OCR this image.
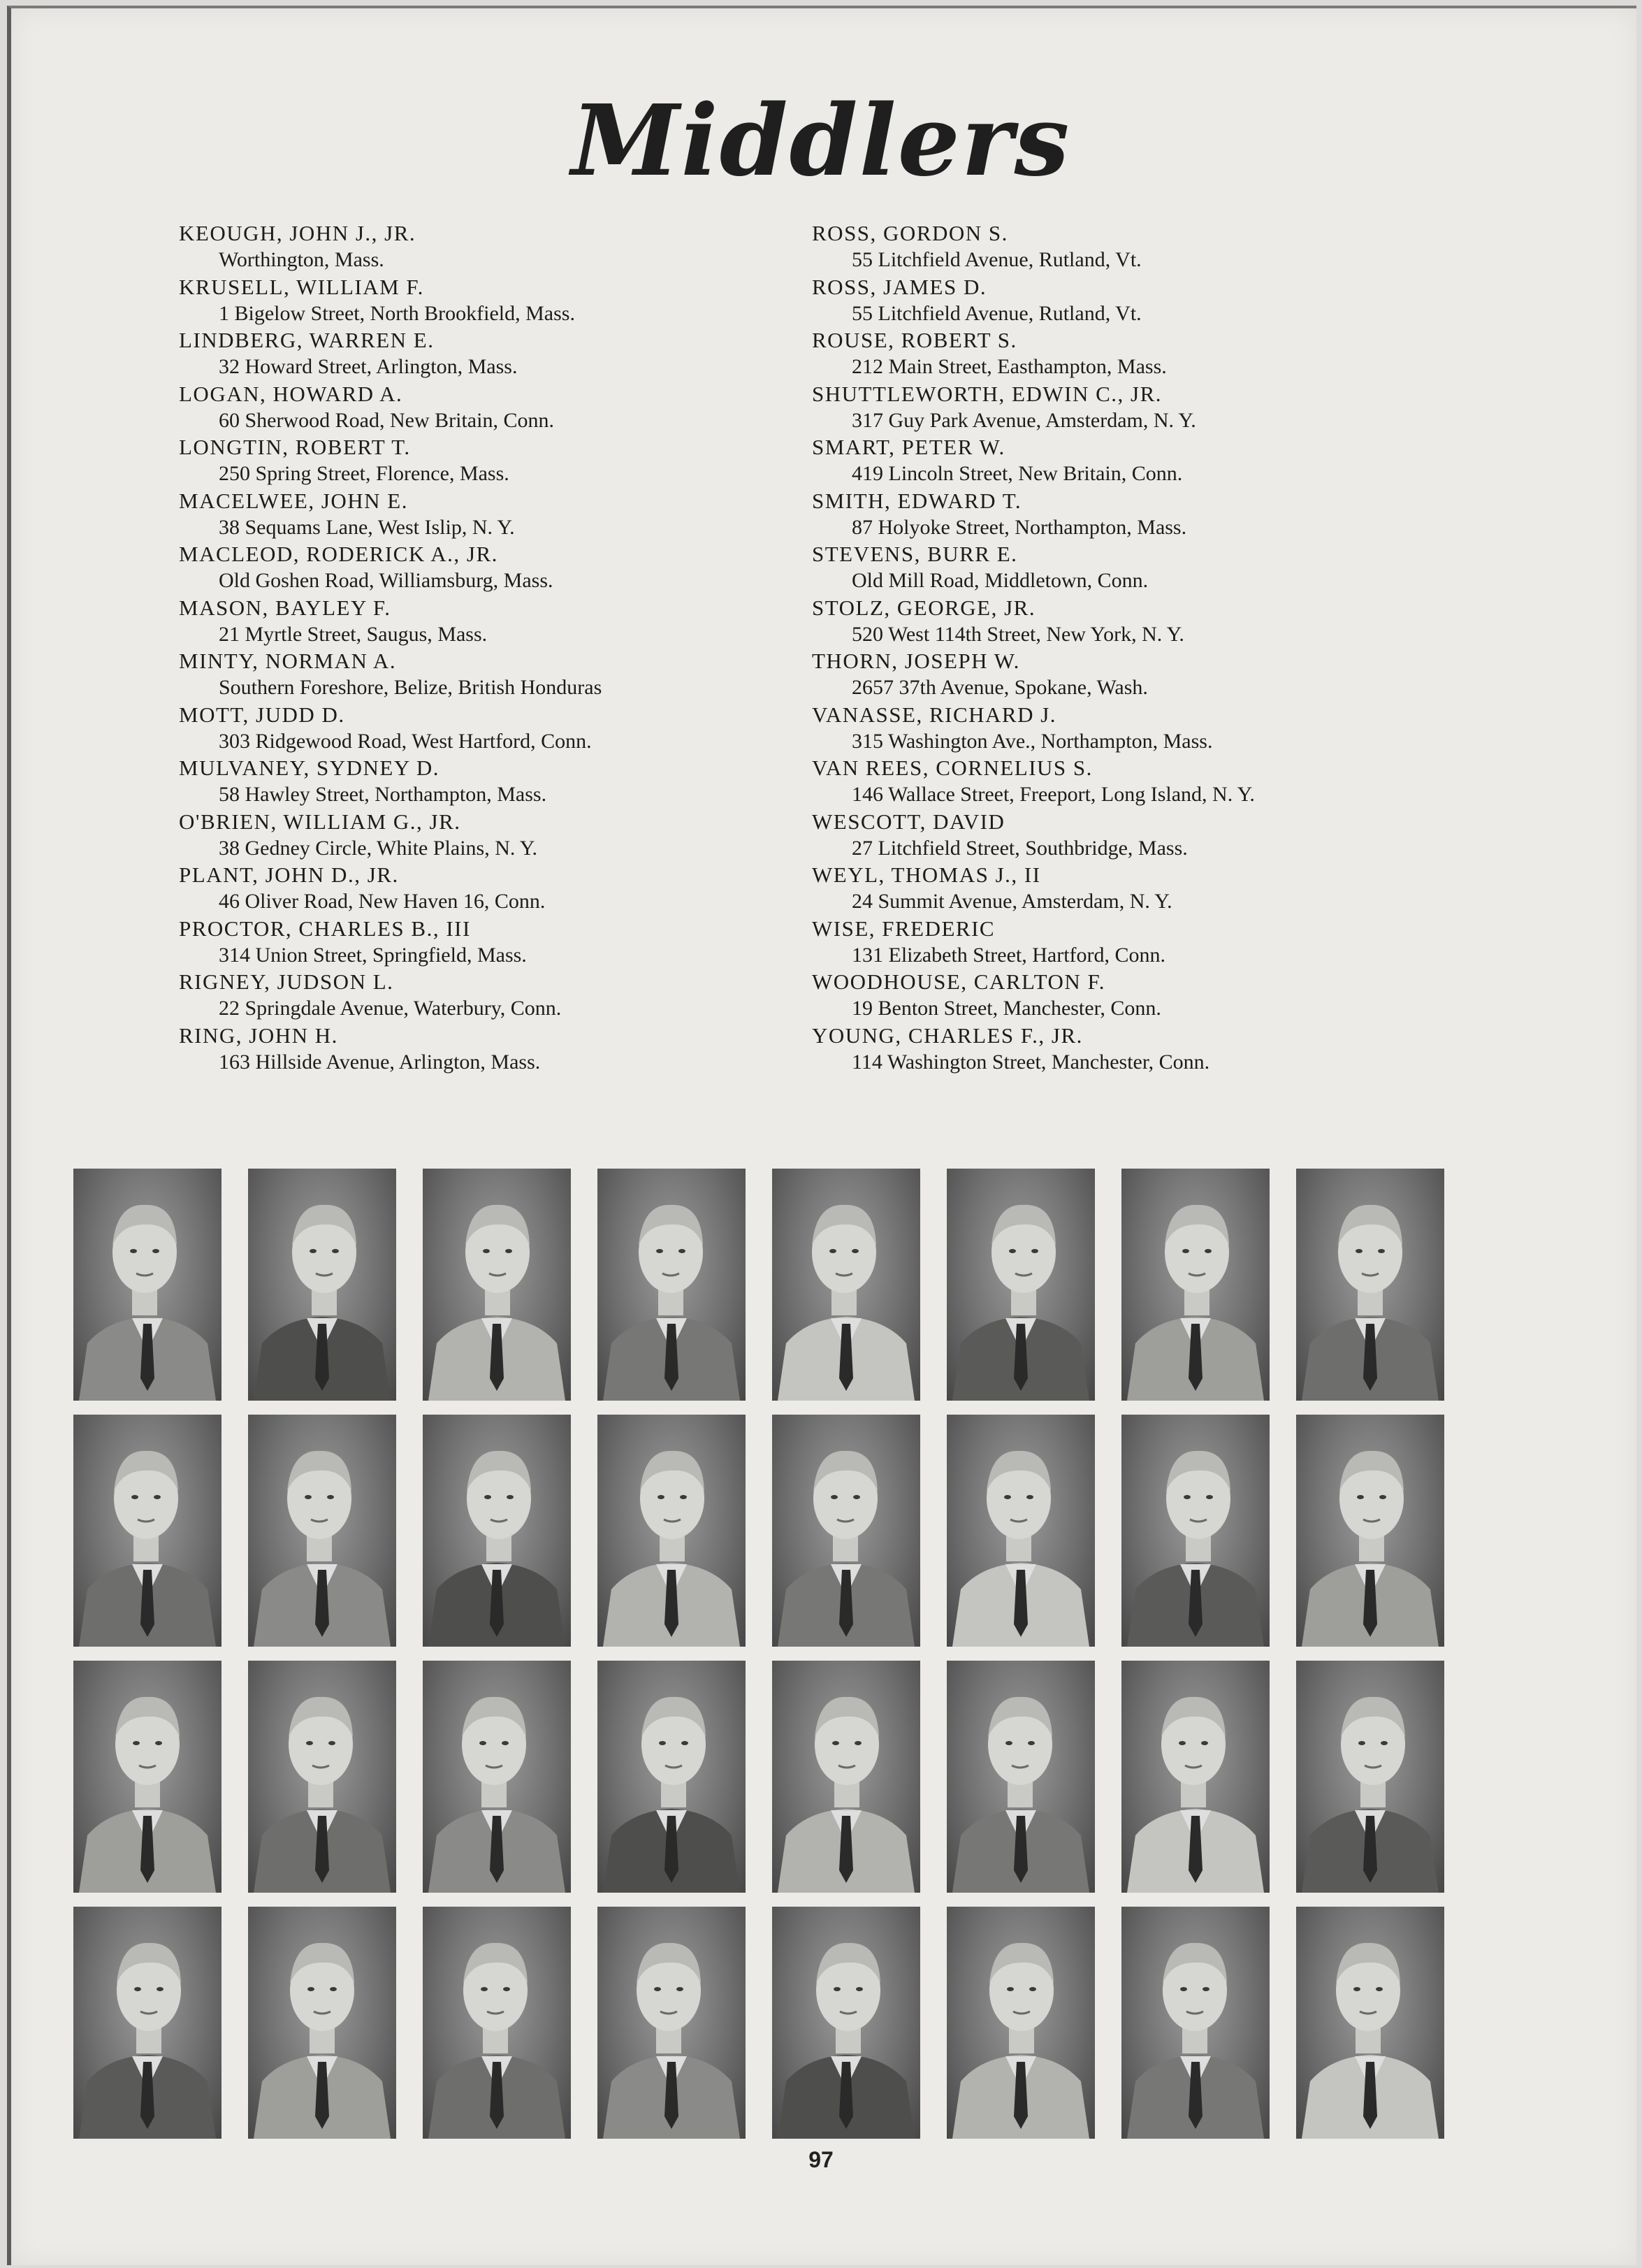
Middlers
KEOUGH, JOHN J., JR.
Worthington, Mass.
KRUSELL, WILLIAM F.
1 Bigelow Street, North Brookfield, Mass.
LINDBERG, WARREN E.
32 Howard Street, Arlington, Mass.
LOGAN, HOWARD A.
60 Sherwood Road, New Britain, Conn.
LONGTIN, ROBERT T.
250 Spring Street, Florence, Mass.
MACELWEE, JOHN E.
38 Sequams Lane, West Islip, N. Y.
MACLEOD, RODERICK A., JR.
Old Goshen Road, Williamsburg, Mass.
MASON, BAYLEY F.
21 Myrtle Street, Saugus, Mass.
MINTY, NORMAN A.
Southern Foreshore, Belize, British Honduras
MOTT, JUDD D.
303 Ridgewood Road, West Hartford, Conn.
MULVANEY, SYDNEY D.
58 Hawley Street, Northampton, Mass.
O'BRIEN, WILLIAM G., JR.
38 Gedney Circle, White Plains, N. Y.
PLANT, JOHN D., JR.
46 Oliver Road, New Haven 16, Conn.
PROCTOR, CHARLES B., III
314 Union Street, Springfield, Mass.
RIGNEY, JUDSON L.
22 Springdale Avenue, Waterbury, Conn.
RING, JOHN H.
163 Hillside Avenue, Arlington, Mass.
ROSS, GORDON S.
55 Litchfield Avenue, Rutland, Vt.
ROSS, JAMES D.
55 Litchfield Avenue, Rutland, Vt.
ROUSE, ROBERT S.
212 Main Street, Easthampton, Mass.
SHUTTLEWORTH, EDWIN C., JR.
317 Guy Park Avenue, Amsterdam, N. Y.
SMART, PETER W.
419 Lincoln Street, New Britain, Conn.
SMITH, EDWARD T.
87 Holyoke Street, Northampton, Mass.
STEVENS, BURR E.
Old Mill Road, Middletown, Conn.
STOLZ, GEORGE, JR.
520 West 114th Street, New York, N. Y.
THORN, JOSEPH W.
2657 37th Avenue, Spokane, Wash.
VANASSE, RICHARD J.
315 Washington Ave., Northampton, Mass.
VAN REES, CORNELIUS S.
146 Wallace Street, Freeport, Long Island, N. Y.
WESCOTT, DAVID
27 Litchfield Street, Southbridge, Mass.
WEYL, THOMAS J., II
24 Summit Avenue, Amsterdam, N. Y.
WISE, FREDERIC
131 Elizabeth Street, Hartford, Conn.
WOODHOUSE, CARLTON F.
19 Benton Street, Manchester, Conn.
YOUNG, CHARLES F., JR.
114 Washington Street, Manchester, Conn.
97
